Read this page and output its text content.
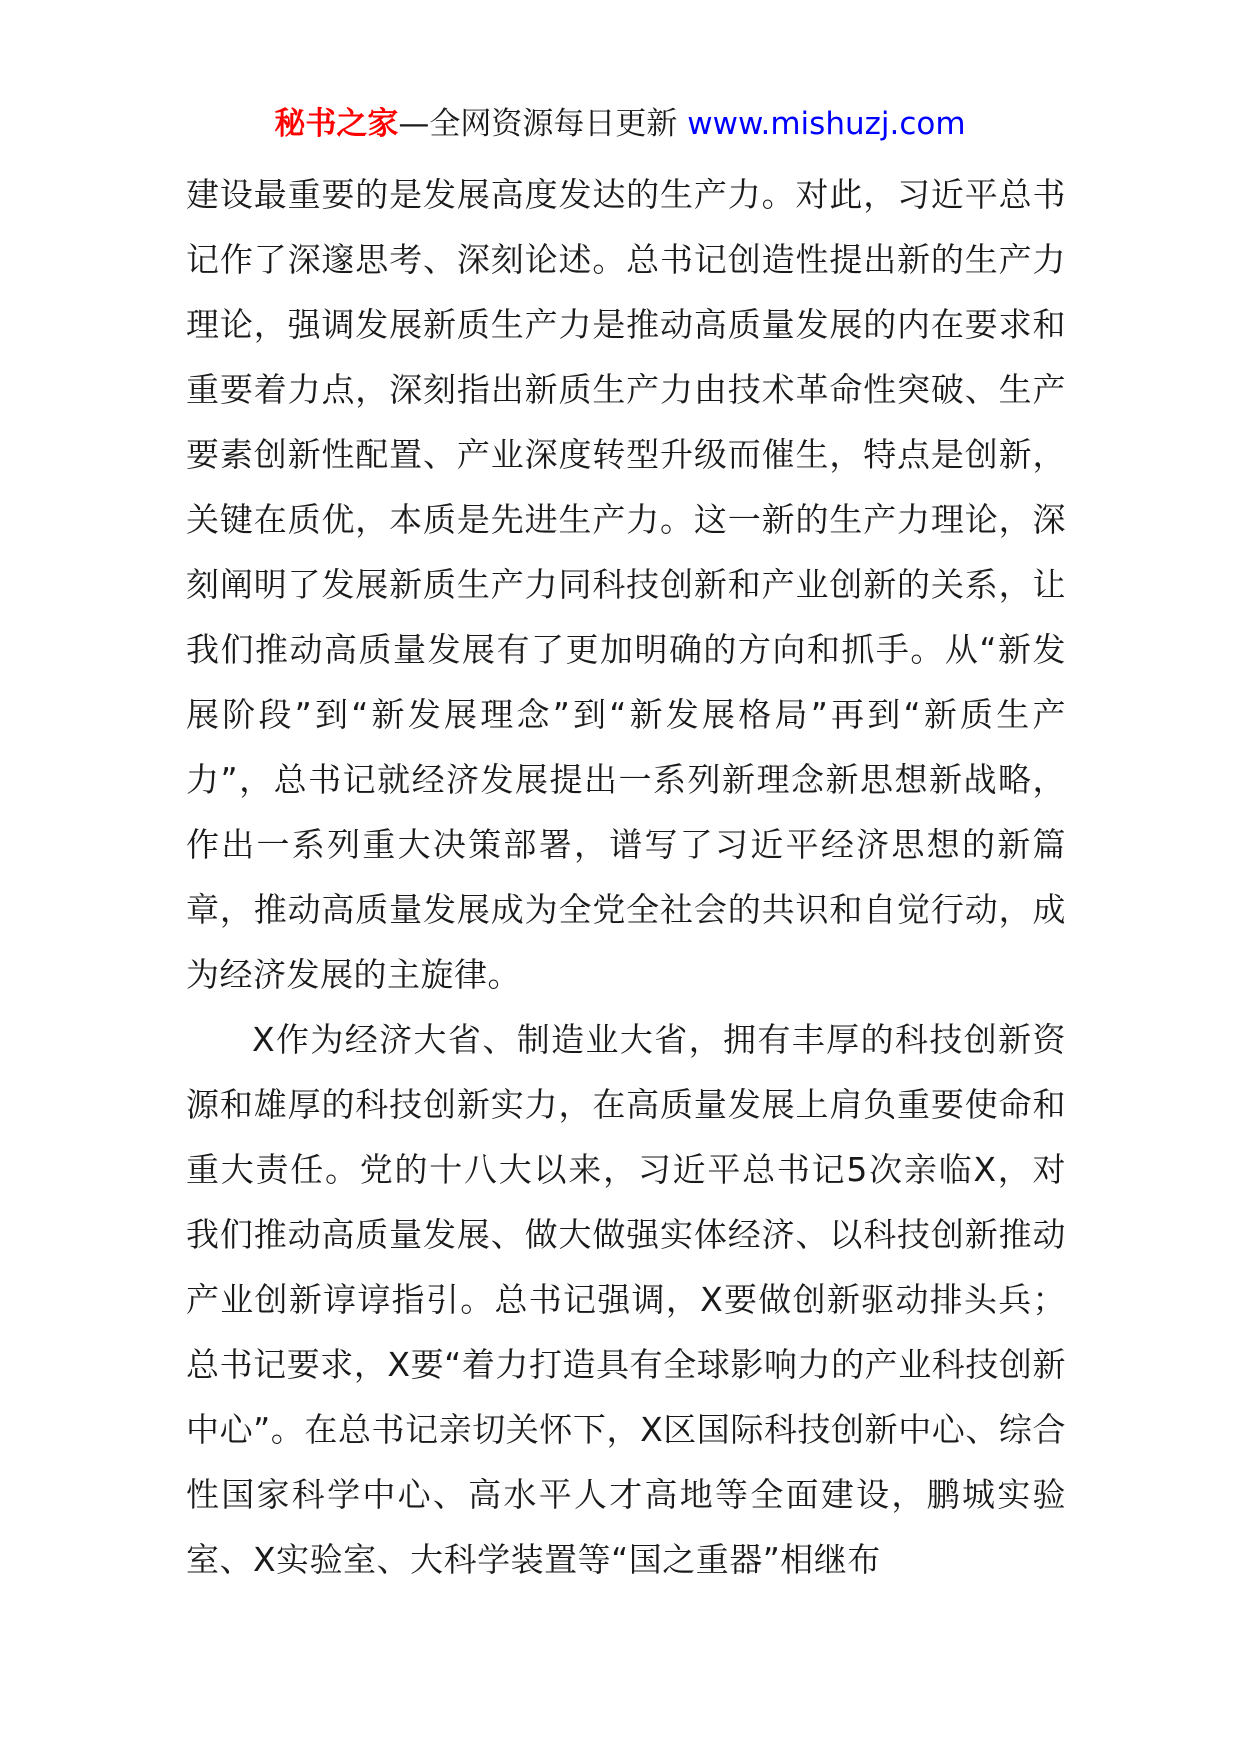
秘书之家—全网资源每日更新 www.mishuzj.com

建设最重要的是发展高度发达的生产力。对此，习近平总书记作了深邃思考、深刻论述。总书记创造性提出新的生产力理论，强调发展新质生产力是推动高质量发展的内在要求和重要着力点，深刻指出新质生产力由技术革命性突破、生产要素创新性配置、产业深度转型升级而催生，特点是创新，关键在质优，本质是先进生产力。这一新的生产力理论，深刻阐明了发展新质生产力同科技创新和产业创新的关系，让我们推动高质量发展有了更加明确的方向和抓手。从“新发展阶段”到“新发展理念”到“新发展格局”再到“新质生产力”，总书记就经济发展提出一系列新理念新思想新战略，作出一系列重大决策部署，谱写了习近平经济思想的新篇章，推动高质量发展成为全党全社会的共识和自觉行动，成为经济发展的主旋律。

X作为经济大省、制造业大省，拥有丰厚的科技创新资源和雄厚的科技创新实力，在高质量发展上肩负重要使命和重大责任。党的十八大以来，习近平总书记5次亲临X，对我们推动高质量发展、做大做强实体经济、以科技创新推动产业创新谆谆指引。总书记强调，X要做创新驱动排头兵；总书记要求，X要“着力打造具有全球影响力的产业科技创新中心”。在总书记亲切关怀下，X区国际科技创新中心、综合性国家科学中心、高水平人才高地等全面建设，鹏城实验室、X实验室、大科学装置等“国之重器”相继布
